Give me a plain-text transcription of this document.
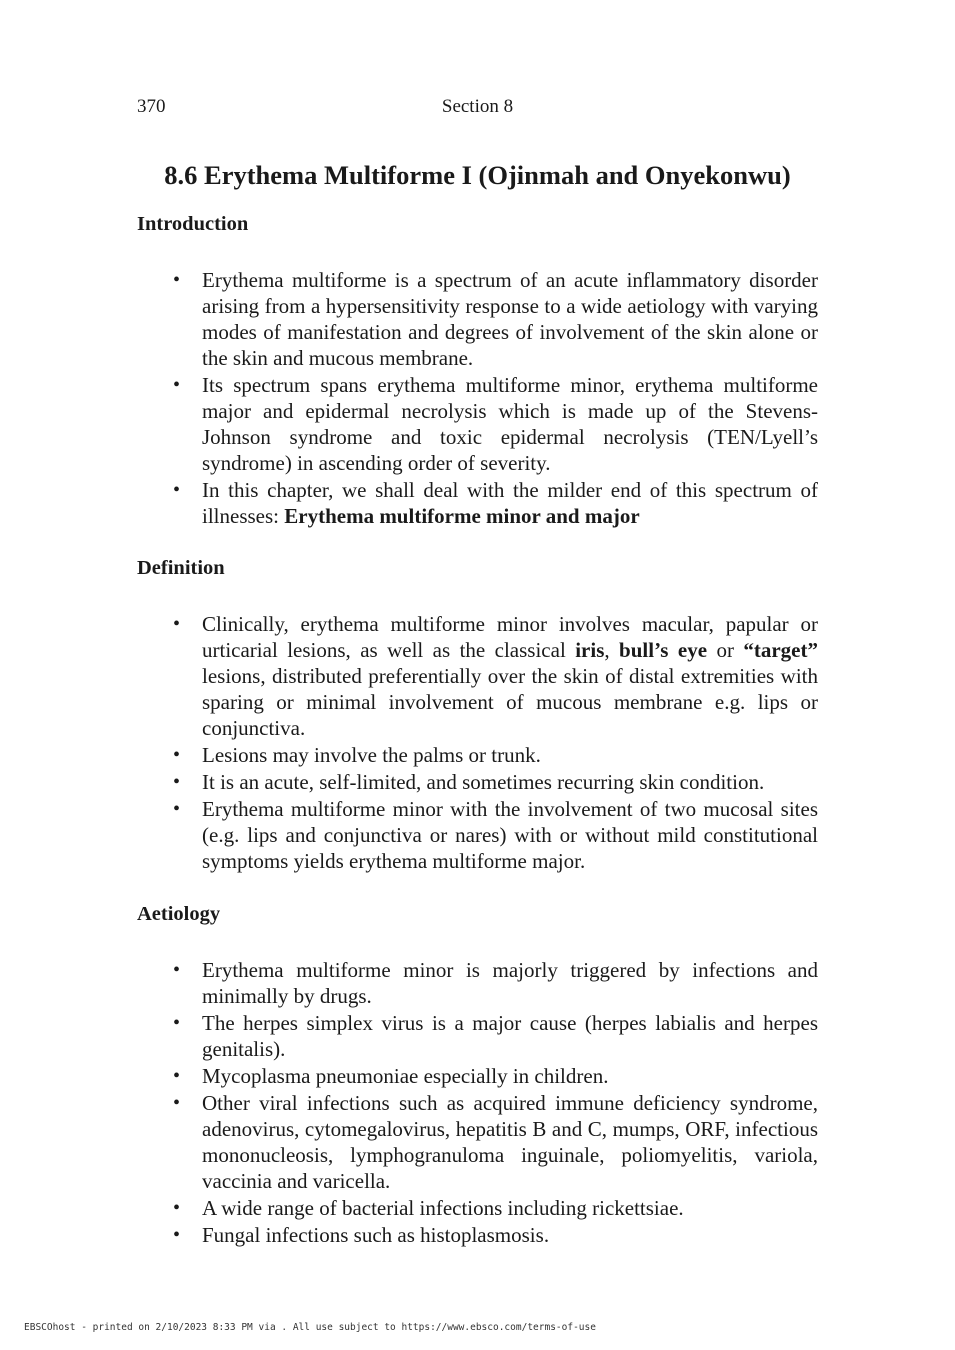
370	Section 8
8.6 Erythema Multiforme I (Ojinmah and Onyekonwu)
Introduction
• Erythema multiforme is a spectrum of an acute inflammatory disorder arising from a hypersensitivity response to a wide aetiology with varying modes of manifestation and degrees of involvement of the skin alone or the skin and mucous membrane.
• Its spectrum spans erythema multiforme minor, erythema multiforme major and epidermal necrolysis which is made up of the Stevens-Johnson syndrome and toxic epidermal necrolysis (TEN/Lyell’s syndrome) in ascending order of severity.
• In this chapter, we shall deal with the milder end of this spectrum of illnesses: Erythema multiforme minor and major
Definition
• Clinically, erythema multiforme minor involves macular, papular or urticarial lesions, as well as the classical iris, bull’s eye or “target” lesions, distributed preferentially over the skin of distal extremities with sparing or minimal involvement of mucous membrane e.g. lips or conjunctiva.
• Lesions may involve the palms or trunk.
• It is an acute, self-limited, and sometimes recurring skin condition.
• Erythema multiforme minor with the involvement of two mucosal sites (e.g. lips and conjunctiva or nares) with or without mild constitutional symptoms yields erythema multiforme major.
Aetiology
• Erythema multiforme minor is majorly triggered by infections and minimally by drugs.
• The herpes simplex virus is a major cause (herpes labialis and herpes genitalis).
• Mycoplasma pneumoniae especially in children.
• Other viral infections such as acquired immune deficiency syndrome, adenovirus, cytomegalovirus, hepatitis B and C, mumps, ORF, infectious mononucleosis, lymphogranuloma inguinale, poliomyelitis, variola, vaccinia and varicella.
• A wide range of bacterial infections including rickettsiae.
• Fungal infections such as histoplasmosis.
EBSCOhost - printed on 2/10/2023 8:33 PM via . All use subject to https://www.ebsco.com/terms-of-use
